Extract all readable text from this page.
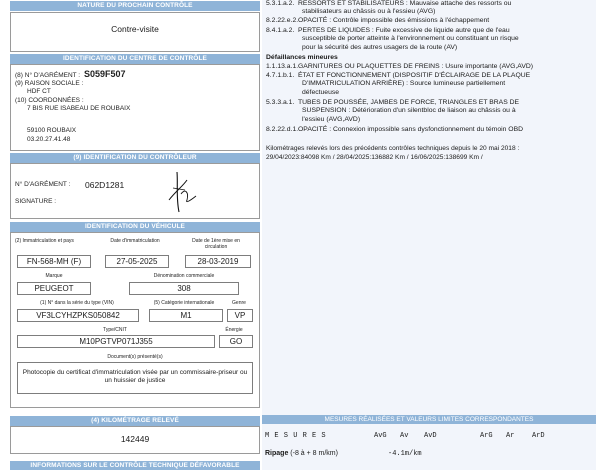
NATURE DU PROCHAIN CONTRÔLE
Contre-visite
IDENTIFICATION DU CENTRE DE CONTRÔLE
(8) N° D'AGRÉMENT : S059F507
(9) RAISON SOCIALE :
HDF CT
(10) COORDONNÉES :
7 BIS RUE ISABEAU DE ROUBAIX
59100 ROUBAIX
03.20.27.41.48
(9) IDENTIFICATION DU CONTRÔLEUR
N° D'AGRÉMENT : 062D1281
SIGNATURE :
IDENTIFICATION DU VÉHICULE
(2) Immatriculation et pays	Date d'immatriculation	Date de 1ère mise en circulation
FN-568-MH (F)	27-05-2025	28-03-2019
Marque	Dénomination commerciale
PEUGEOT	308
(1) N° dans la série du type (VIN)	(5) Catégorie internationale	Genre
VF3LCYHZPKS050842	M1	VP
Type/CNIT	Énergie
M10PGTVP071J355	GO
Document(s) présenté(s)
Photocopie du certificat d'immatriculation visée par un commissaire-priseur ou un huissier de justice
(4) KILOMÉTRAGE RELEVÉ
142449
INFORMATIONS SUR LE CONTRÔLE TECHNIQUE DÉFAVORABLE
5.3.1.a.2. RESSORTS ET STABILISATEURS : Mauvaise attache des ressorts ou
stabilisateurs au châssis ou à l'essieu (AVG)
8.2.22.e.2.OPACITÉ : Contrôle impossible des émissions à l'échappement
8.4.1.a.2. PERTES DE LIQUIDES : Fuite excessive de liquide autre que de l'eau
susceptible de porter atteinte à l'environnement ou constituant un risque
pour la sécurité des autres usagers de la route (AV)
Défaillances mineures
1.1.13.a.1.GARNITURES OU PLAQUETTES DE FREINS : Usure importante (AVG,AVD)
4.7.1.b.1. ÉTAT ET FONCTIONNEMENT (DISPOSITIF D'ÉCLAIRAGE DE LA PLAQUE
D'IMMATRICULATION ARRIÈRE) : Source lumineuse partiellement
défectueuse
5.3.3.a.1. TUBES DE POUSSÉE, JAMBES DE FORCE, TRIANGLES ET BRAS DE
SUSPENSION : Détérioration d'un silentbloc de liaison au châssis ou à
l'essieu (AVG,AVD)
8.2.22.d.1.OPACITÉ : Connexion impossible sans dysfonctionnement du témoin OBD
Kilométrages relevés lors des précédents contrôles techniques depuis le 20 mai 2018 :
29/04/2023:84098 Km / 28/04/2025:136882 Km / 16/06/2025:138699 Km /
MESURES RÉALISÉES ET VALEURS LIMITES CORRESPONDANTES
M E S U R E S	AvG Av AvD	ArG Ar	ArD
Ripage (-8 à + 8 m/km)	-4.1m/km
